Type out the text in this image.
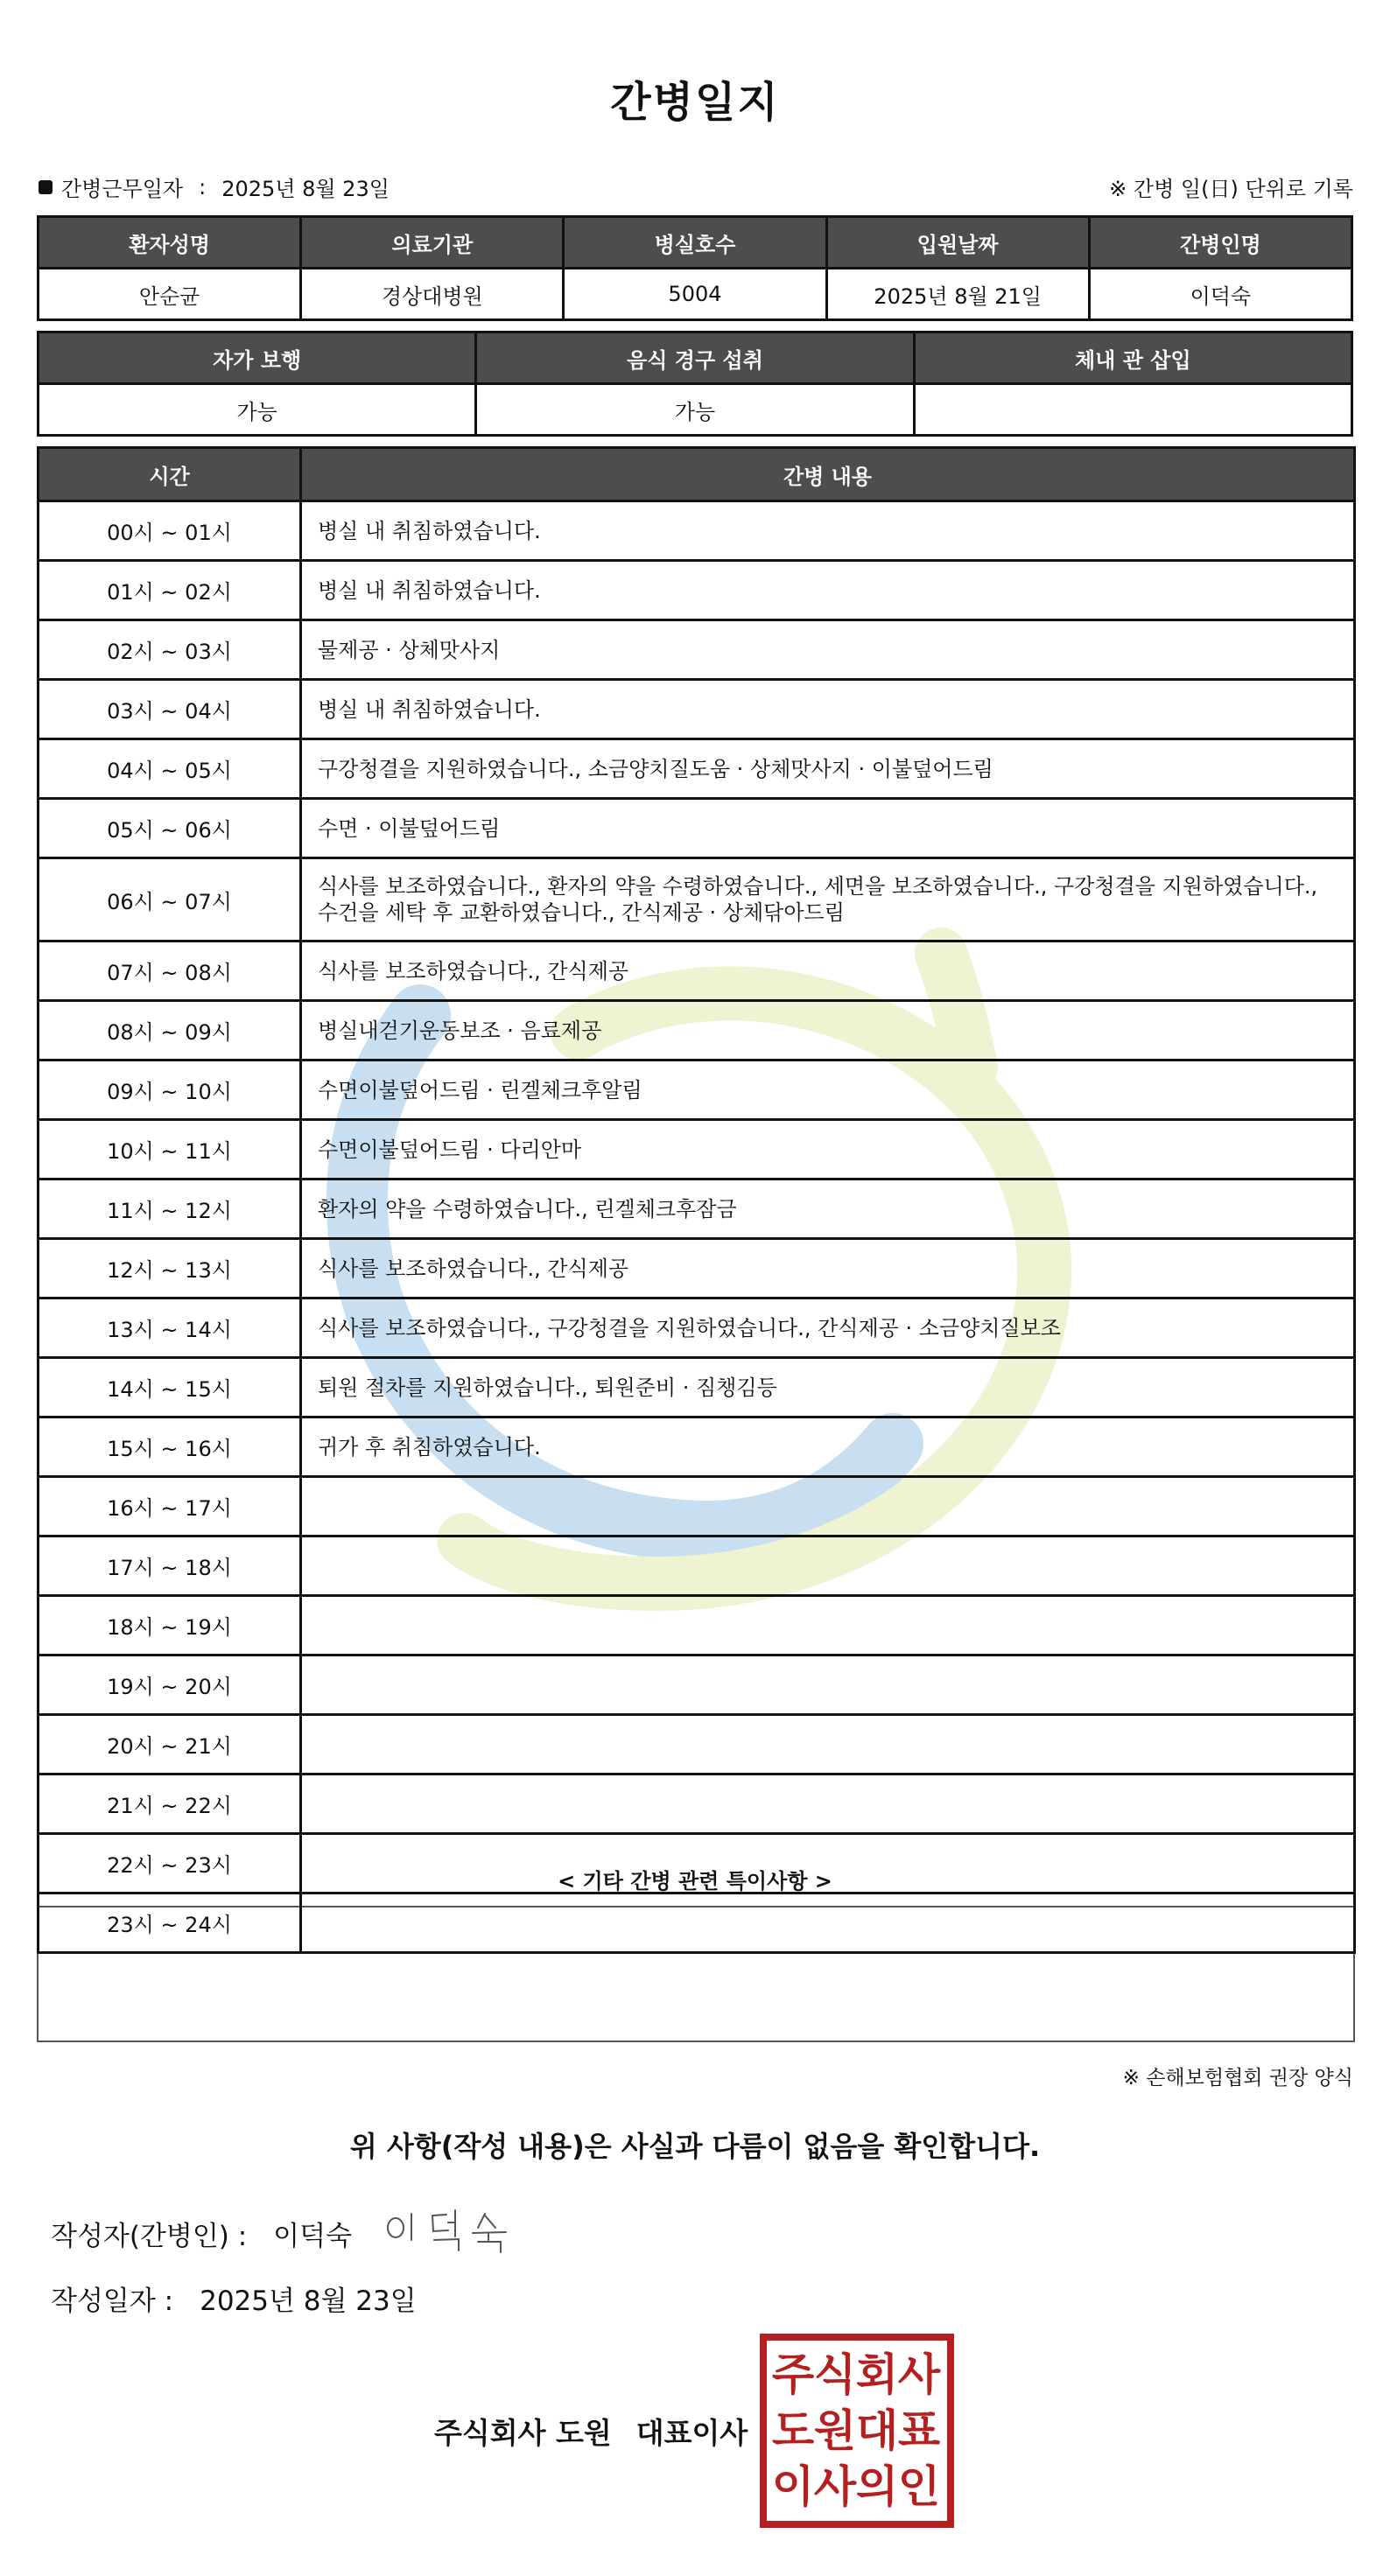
간병일지
간병근무일자 : 2025년 8월 23일	※ 간병 일(日) 단위로 기록
환자성명	의료기관	병실호수	입원날짜	간병인명
안순균	경상대병원	5004	2025년 8월 21일	이덕숙
자가 보행	음식 경구 섭취	체내 관 삽입
가능	가능	
시간	간병 내용
00시 ~ 01시	병실 내 취침하였습니다.
01시 ~ 02시	병실 내 취침하였습니다.
02시 ~ 03시	물제공 · 상체맛사지
03시 ~ 04시	병실 내 취침하였습니다.
04시 ~ 05시	구강청결을 지원하였습니다., 소금양치질도움 · 상체맛사지 · 이불덮어드림
05시 ~ 06시	수면 · 이불덮어드림
06시 ~ 07시	식사를 보조하였습니다., 환자의 약을 수령하였습니다., 세면을 보조하였습니다., 구강청결을 지원하였습니다., 수건을 세탁 후 교환하였습니다., 간식제공 · 상체닦아드림
07시 ~ 08시	식사를 보조하였습니다., 간식제공
08시 ~ 09시	병실내걷기운동보조 · 음료제공
09시 ~ 10시	수면이불덮어드림 · 린겔체크후알림
10시 ~ 11시	수면이불덮어드림 · 다리안마
11시 ~ 12시	환자의 약을 수령하였습니다., 린겔체크후잠금
12시 ~ 13시	식사를 보조하였습니다., 간식제공
13시 ~ 14시	식사를 보조하였습니다., 구강청결을 지원하였습니다., 간식제공 · 소금양치질보조
14시 ~ 15시	퇴원 절차를 지원하였습니다., 퇴원준비 · 짐챙김등
15시 ~ 16시	귀가 후 취침하였습니다.
16시 ~ 17시	
17시 ~ 18시	
18시 ~ 19시	
19시 ~ 20시	
20시 ~ 21시	
21시 ~ 22시	
22시 ~ 23시	
23시 ~ 24시	
< 기타 간병 관련 특이사항 >
※ 손해보험협회 권장 양식
위 사항(작성 내용)은 사실과 다름이 없음을 확인합니다.
작성자(간병인) : 이덕숙
작성일자 : 2025년 8월 23일
주식회사 도원 대표이사
주 식 회 사
도 원 대 표
이 사 의 인
